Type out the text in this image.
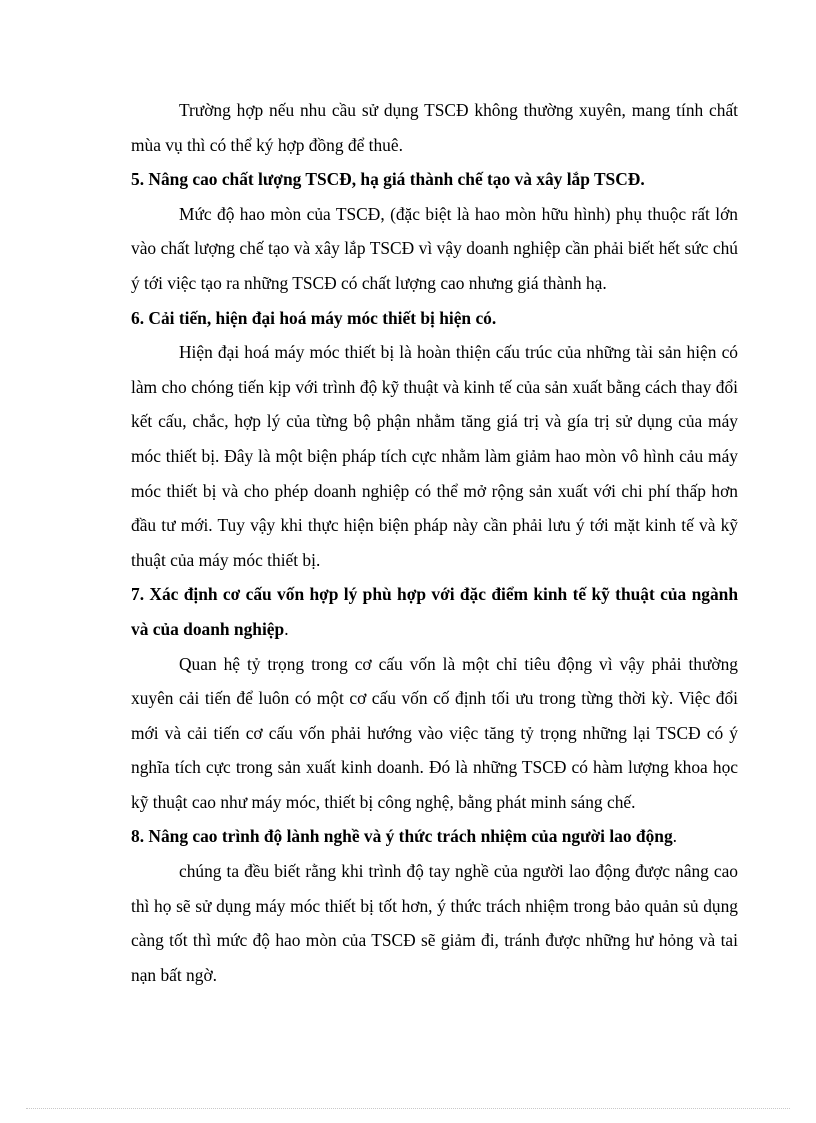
Trường hợp nếu nhu cầu sử dụng TSCĐ không thường xuyên, mang tính chất mùa vụ thì có thể ký hợp đồng để thuê.

5. Nâng cao chất lượng TSCĐ, hạ giá thành chế tạo và xây lắp TSCĐ.

Mức độ hao mòn của TSCĐ, (đặc biệt là hao mòn hữu hình) phụ thuộc rất lớn vào chất lượng chế tạo và xây lắp TSCĐ vì vậy doanh nghiệp cần phải biết hết sức chú ý tới việc tạo ra những TSCĐ có chất lượng cao nhưng giá thành hạ.

6. Cải tiến, hiện đại hoá máy móc thiết bị hiện có.

Hiện đại hoá máy móc thiết bị là hoàn thiện cấu trúc của những tài sản hiện có làm cho chóng tiến kịp với trình độ kỹ thuật và kinh tế của sản xuất bằng cách thay đổi kết cấu, chắc, hợp lý của từng bộ phận nhằm tăng giá trị và gía trị sử dụng của máy móc thiết bị. Đây là một biện pháp tích cực nhằm làm giảm hao mòn vô hình cảu máy móc thiết bị và cho phép doanh nghiệp có thể mở rộng sản xuất với chi phí thấp hơn đầu tư mới. Tuy vậy khi thực hiện biện pháp này cần phải lưu ý tới mặt kinh tế và kỹ thuật của máy móc thiết bị.

7. Xác định cơ cấu vốn hợp lý phù hợp với đặc điểm kinh tế kỹ thuật của ngành và của doanh nghiệp.

Quan hệ tỷ trọng trong cơ cấu vốn là một chỉ tiêu động vì vậy phải thường xuyên cải tiến để luôn có một cơ cấu vốn cố định tối ưu trong từng thời kỳ. Việc đổi mới và cải tiến cơ cấu vốn phải hướng vào việc tăng tỷ trọng những lại TSCĐ có ý nghĩa tích cực trong sản xuất kinh doanh. Đó là những TSCĐ có hàm lượng khoa học kỹ thuật cao như máy móc, thiết bị công nghệ, bằng phát minh sáng chế.

8. Nâng cao trình độ lành nghề và ý thức trách nhiệm của người lao động.

chúng ta đều biết rằng khi trình độ tay nghề của người lao động được nâng cao thì họ sẽ sử dụng máy móc thiết bị tốt hơn, ý thức trách nhiệm trong bảo quản sủ dụng càng tốt thì mức độ hao mòn của TSCĐ sẽ giảm đi, tránh được những hư hỏng và tai nạn bất ngờ.
